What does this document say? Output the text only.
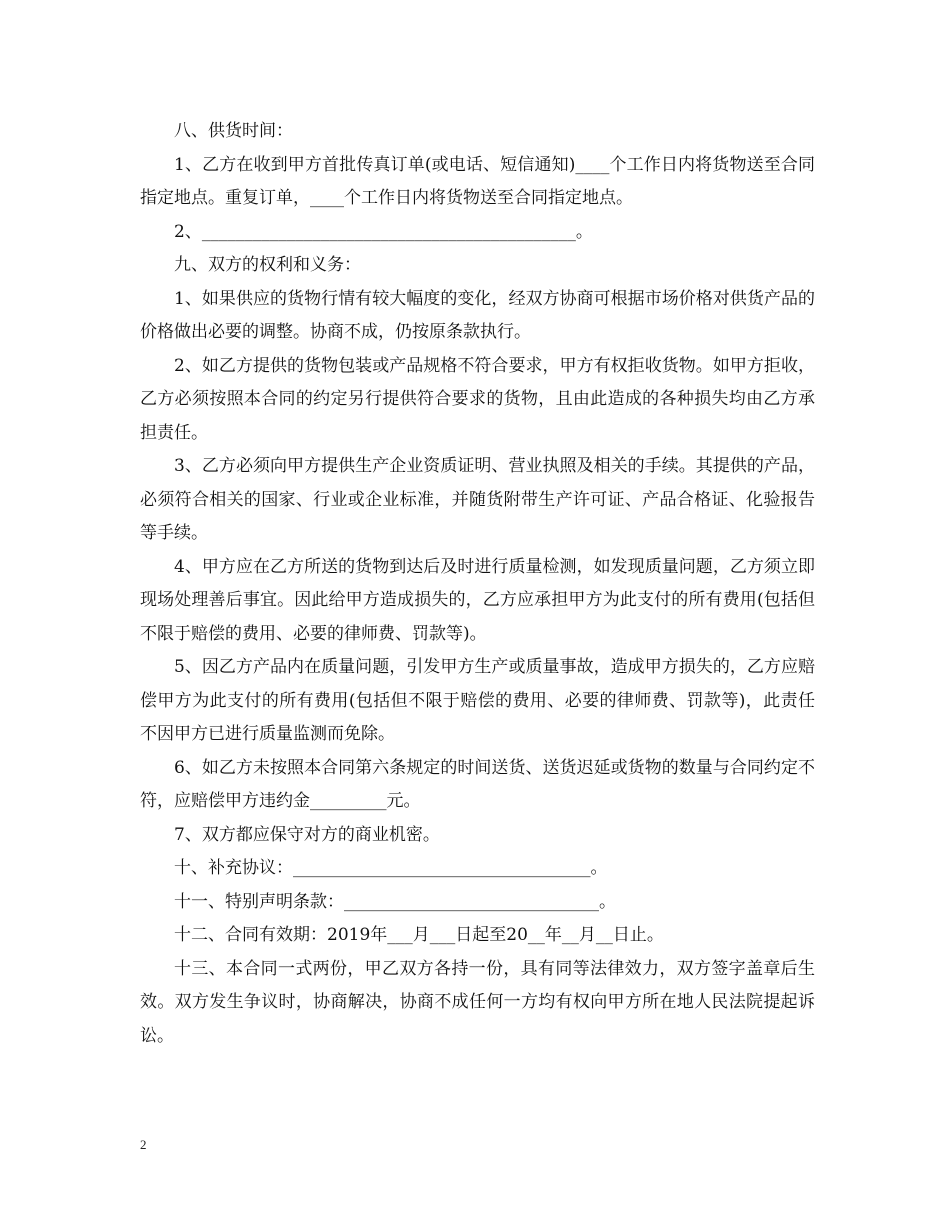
八、供货时间：

1、乙方在收到甲方首批传真订单(或电话、短信通知)____个工作日内将货物送至合同指定地点。重复订单，____个工作日内将货物送至合同指定地点。

2、____________________________________________。

九、双方的权利和义务：

1、如果供应的货物行情有较大幅度的变化，经双方协商可根据市场价格对供货产品的价格做出必要的调整。协商不成，仍按原条款执行。

2、如乙方提供的货物包装或产品规格不符合要求，甲方有权拒收货物。如甲方拒收，乙方必须按照本合同的约定另行提供符合要求的货物，且由此造成的各种损失均由乙方承担责任。

3、乙方必须向甲方提供生产企业资质证明、营业执照及相关的手续。其提供的产品，必须符合相关的国家、行业或企业标准，并随货附带生产许可证、产品合格证、化验报告等手续。

4、甲方应在乙方所送的货物到达后及时进行质量检测，如发现质量问题，乙方须立即现场处理善后事宜。因此给甲方造成损失的，乙方应承担甲方为此支付的所有费用(包括但不限于赔偿的费用、必要的律师费、罚款等)。

5、因乙方产品内在质量问题，引发甲方生产或质量事故，造成甲方损失的，乙方应赔偿甲方为此支付的所有费用(包括但不限于赔偿的费用、必要的律师费、罚款等)，此责任不因甲方已进行质量监测而免除。

6、如乙方未按照本合同第六条规定的时间送货、送货迟延或货物的数量与合同约定不符，应赔偿甲方违约金_________元。

7、双方都应保守对方的商业机密。

十、补充协议：___________________________________。

十一、特别声明条款：______________________________。

十二、合同有效期：2019年___月___日起至20__年__月__日止。

十三、本合同一式两份，甲乙双方各持一份，具有同等法律效力，双方签字盖章后生效。双方发生争议时，协商解决，协商不成任何一方均有权向甲方所在地人民法院提起诉讼。

2
